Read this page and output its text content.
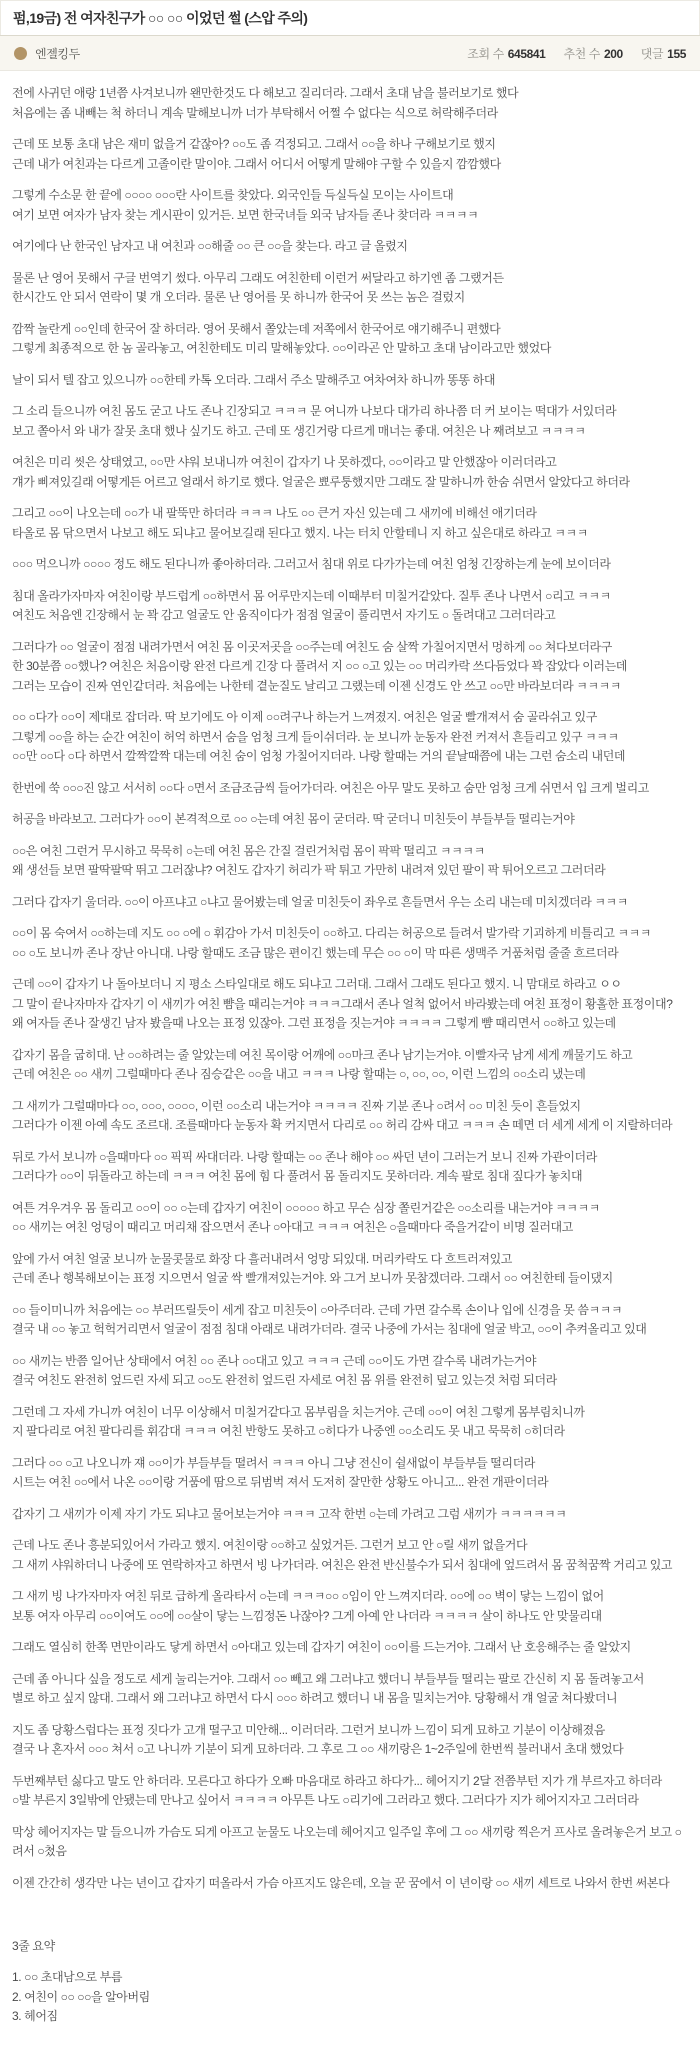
펌,19금) 전 여자친구가 ○○ ○○ 이었던 썰 (스압 주의)
엔젤킹두	조회 수 645841 추천 수 200 댓글 155
전에 사귀던 애랑 1년쯤 사겨보니까 왠만한것도 다 해보고 질리더라. 그래서 초대 남을 불러보기로 했다
처음에는 좀 내빼는 척 하더니 계속 말해보니까 너가 부탁해서 어쩔 수 없다는 식으로 허락해주더라
근데 또 보통 초대 남은 재미 없을거 같잖아? ○○도 좀 걱정되고. 그래서 ○○을 하나 구해보기로 했지
근데 내가 여친과는 다르게 고졸이란 말이야. 그래서 어디서 어떻게 말해야 구할 수 있을지 깜깜했다
그렇게 수소문 한 끝에 ○○○○ ○○○란 사이트를 찾았다. 외국인들 득실득실 모이는 사이트대
여기 보면 여자가 남자 찾는 게시판이 있거든. 보면 한국녀들 외국 남자들 존나 찾더라 ㅋㅋㅋㅋ
여기에다 난 한국인 남자고 내 여친과 ○○해줄 ○○ 큰 ○○을 찾는다. 라고 글 올렸지
물론 난 영어 못해서 구글 번역기 썼다. 아무리 그래도 여친한테 이런거 써달라고 하기엔 좀 그랬거든
한시간도 안 되서 연락이 몇 개 오더라. 물론 난 영어를 못 하니까 한국어 못 쓰는 놈은 걸렀지
깜짝 놀란게 ○○인데 한국어 잘 하더라. 영어 못해서 쫄았는데 저쪽에서 한국어로 얘기해주니 편했다
그렇게 최종적으로 한 놈 골라놓고, 여친한테도 미리 말해놓았다. ○○이라곤 안 말하고 초대 남이라고만 했었다
날이 되서 텔 잡고 있으니까 ○○한테 카톡 오더라. 그래서 주소 말해주고 여차여차 하니까 똥똥 하대
그 소리 들으니까 여친 몸도 굳고 나도 존나 긴장되고 ㅋㅋㅋ 문 여니까 나보다 대가리 하나쯤 더 커 보이는 떡대가 서있더라
보고 쫄아서 와 내가 잘못 초대 했나 싶기도 하고. 근데 또 생긴거랑 다르게 매너는 좋대. 여친은 나 째려보고 ㅋㅋㅋㅋ
여친은 미리 씻은 상태였고, ○○만 샤워 보내니까 여친이 갑자기 나 못하겠다, ○○이라고 말 안했잖아 이러더라고
걔가 삐져있길래 어떻게든 어르고 얼래서 하기로 했다. 얼굴은 뾰루퉁했지만 그래도 잘 말하니까 한숨 쉬면서 알았다고 하더라
그리고 ○○이 나오는데 ○○가 내 팔뚝만 하더라 ㅋㅋㅋ 나도 ○○ 큰거 자신 있는데 그 새끼에 비해선 애기더라
타올로 몸 닦으면서 나보고 해도 되냐고 물어보길래 된다고 했지. 나는 터치 안할테니 지 하고 싶은대로 하라고 ㅋㅋㅋ
○○○ 먹으니까 ○○○○ 정도 해도 된다니까 좋아하더라. 그러고서 침대 위로 다가가는데 여친 엄청 긴장하는게 눈에 보이더라
침대 올라가자마자 여친이랑 부드럽게 ○○하면서 몸 어루만지는데 이때부터 미칠거같았다. 질투 존나 나면서 ○리고 ㅋㅋㅋ
여친도 처음엔 긴장해서 눈 꽉 감고 얼굴도 안 움직이다가 점점 얼굴이 풀리면서 자기도 ○ 돌려대고 그러더라고
그러다가 ○○ 얼굴이 점점 내려가면서 여친 몸 이곳저곳을 ○○주는데 여친도 숨 살짝 가칠어지면서 멍하게 ○○ 쳐다보더라구
한 30분쯤 ○○했나? 여친은 처음이랑 완전 다르게 긴장 다 풀려서 지 ○○ ○고 있는 ○○ 머리카락 쓰다듬었다 꽉 잡았다 이러는데
그러는 모습이 진짜 연인같더라. 처음에는 나한테 곁눈질도 날리고 그랬는데 이젠 신경도 안 쓰고 ○○만 바라보더라 ㅋㅋㅋㅋ
○○ ○다가 ○○이 제대로 잡더라. 딱 보기에도 아 이제 ○○려구나 하는거 느껴졌지. 여친은 얼굴 빨개져서 숨 골라쉬고 있구
그렇게 ○○을 하는 순간 여친이 허억 하면서 숨을 엄청 크게 들이쉬더라. 눈 보니까 눈동자 완전 커져서 흔들리고 있구 ㅋㅋㅋ
○○만 ○○다 ○다 하면서 깔짝깔짝 대는데 여친 숨이 엄청 가칠어지더라. 나랑 할때는 거의 끝날때쯤에 내는 그런 숨소리 내던데
한번에 쑥 ○○○진 않고 서서히 ○○다 ○면서 조금조금씩 들어가더라. 여친은 아무 말도 못하고 숨만 엄청 크게 쉬면서 입 크게 벌리고
허공을 바라보고. 그러다가 ○○이 본격적으로 ○○ ○는데 여친 몸이 굳더라. 딱 굳더니 미친듯이 부들부들 떨리는거야
○○은 여친 그런거 무시하고 묵묵히 ○는데 여친 몸은 간질 걸린거처럼 몸이 팍팍 떨리고 ㅋㅋㅋㅋ
왜 생선들 보면 팔딱팔딱 뛰고 그러잖냐? 여친도 갑자기 허리가 팍 튀고 가만히 내려져 있던 팔이 팍 튀어오르고 그러더라
그러다 갑자기 울더라. ○○이 아프냐고 ○냐고 물어봤는데 얼굴 미친듯이 좌우로 흔들면서 우는 소리 내는데 미치겠더라 ㅋㅋㅋ
○○이 몸 숙여서 ○○하는데 지도 ○○ ○에 ○ 휘감아 가서 미친듯이 ○○하고. 다리는 허공으로 들려서 발가락 기괴하게 비틀리고 ㅋㅋㅋ
○○ ○도 보니까 존나 장난 아니대. 나랑 할때도 조금 많은 편이긴 했는데 무슨 ○○ ○이 막 따른 생맥주 거품처럼 줄줄 흐르더라
근데 ○○이 갑자기 나 돌아보더니 지 평소 스타일대로 해도 되냐고 그러대. 그래서 그래도 된다고 했지. 니 맘대로 하라고 ㅇㅇ
그 말이 끝나자마자 갑자기 이 새끼가 여친 뺨을 때리는거야 ㅋㅋㅋ그래서 존나 얼척 없어서 바라봤는데 여친 표정이 황홀한 표정이대?
왜 여자들 존나 잘생긴 남자 봤을때 나오는 표정 있잖아. 그런 표정을 짓는거야 ㅋㅋㅋㅋ 그렇게 뺨 때리면서 ○○하고 있는데
갑자기 몸을 굽히대. 난 ○○하려는 줄 알았는데 여친 목이랑 어깨에 ○○마크 존나 남기는거야. 이빨자국 남게 세게 깨물기도 하고
근데 여친은 ○○ 새끼 그럴때마다 존나 짐승같은 ○○을 내고 ㅋㅋㅋ 나랑 할때는 ○, ○○, ○○, 이런 느낌의 ○○소리 냈는데
그 새끼가 그럴때마다 ○○, ○○○, ○○○○, 이런 ○○소리 내는거야 ㅋㅋㅋㅋ 진짜 기분 존나 ○려서 ○○ 미친 듯이 흔들었지
그러다가 이젠 아예 속도 조르대. 조를때마다 눈동자 확 커지면서 다리로 ○○ 허리 감싸 대고 ㅋㅋㅋ 손 떼면 더 세게 세게 이 지랄하더라
뒤로 가서 보니까 ○을때마다 ○○ 픽픽 싸대더라. 나랑 할때는 ○○ 존나 해야 ○○ 싸던 년이 그러는거 보니 진짜 가관이더라
그러다가 ○○이 뒤돌라고 하는데 ㅋㅋㅋ 여친 몸에 힘 다 풀려서 몸 돌리지도 못하더라. 계속 팔로 침대 짚다가 놓치대
여튼 겨우겨우 몸 돌리고 ○○이 ○○ ○는데 갑자기 여친이 ○○○○○ 하고 무슨 심장 쫄린거같은 ○○소리를 내는거야 ㅋㅋㅋㅋ
○○ 새끼는 여친 엉덩이 때리고 머리채 잡으면서 존나 ○아대고 ㅋㅋㅋ 여친은 ○을때마다 죽을거같이 비명 질러대고
앞에 가서 여친 얼굴 보니까 눈물콧물로 화장 다 흘러내려서 엉망 되있대. 머리카락도 다 흐트러져있고
근데 존나 행복해보이는 표정 지으면서 얼굴 싹 빨개져있는거야. 와 그거 보니까 못참겠더라. 그래서 ○○ 여친한테 들이댔지
○○ 들이미니까 처음에는 ○○ 부러뜨릴듯이 세게 잡고 미친듯이 ○아주더라. 근데 가면 갈수록 손이나 입에 신경을 못 씀ㅋㅋㅋ
결국 내 ○○ 놓고 헉헉거리면서 얼굴이 점점 침대 아래로 내려가더라. 결국 나중에 가서는 침대에 얼굴 박고, ○○이 추켜올리고 있대
○○ 새끼는 반쯤 일어난 상태에서 여친 ○○ 존나 ○○대고 있고 ㅋㅋㅋ 근데 ○○이도 가면 갈수록 내려가는거야
결국 여친도 완전히 엎드린 자세 되고 ○○도 완전히 엎드린 자세로 여친 몸 위를 완전히 덮고 있는것 처럼 되더라
그런데 그 자세 가니까 여친이 너무 이상해서 미칠거같다고 몸부림을 치는거야. 근데 ○○이 여친 그렇게 몸부림치니까
지 팔다리로 여친 팔다리를 휘감대 ㅋㅋㅋ 여친 반항도 못하고 ○히다가 나중엔 ○○소리도 못 내고 묵묵히 ○히더라
그러다 ○○ ○고 나오니까 쟤 ○○이가 부들부들 떨려서 ㅋㅋㅋ 아니 그냥 전신이 쉴새없이 부들부들 떨리더라
시트는 여친 ○○에서 나온 ○○이랑 거품에 땀으로 뒤범벅 져서 도저히 잘만한 상황도 아니고... 완전 개판이더라
갑자기 그 새끼가 이제 자기 가도 되냐고 물어보는거야 ㅋㅋㅋ 고작 한번 ○는데 가려고 그럼 새끼가 ㅋㅋㅋㅋㅋㅋ
근데 나도 존나 흥분되있어서 가라고 했지. 여친이랑 ○○하고 싶었거든. 그런거 보고 안 ○릴 새끼 없을거다
그 새끼 샤워하더니 나중에 또 연락하자고 하면서 빙 나가더라. 여친은 완전 반신불수가 되서 침대에 엎드려서 몸 꿈척꿈짝 거리고 있고
그 새끼 빙 나가자마자 여친 뒤로 급하게 올라타서 ○는데 ㅋㅋㅋ○○ ○임이 안 느껴지더라. ○○에 ○○ 벽이 닿는 느낌이 없어
보통 여자 아무리 ○○이여도 ○○에 ○○살이 닿는 느낌정돈 나잖아? 그게 아예 안 나더라 ㅋㅋㅋㅋ 살이 하나도 안 맞물리대
그래도 열심히 한쪽 면만이라도 닿게 하면서 ○아대고 있는데 갑자기 여친이 ○○이를 드는거야. 그래서 난 호응해주는 줄 알았지
근데 좀 아니다 싶을 정도로 세게 눌리는거야. 그래서 ○○ 빼고 왜 그러냐고 했더니 부들부들 떨리는 팔로 간신히 지 몸 돌려놓고서
별로 하고 싶지 않대. 그래서 왜 그러냐고 하면서 다시 ○○○ 하려고 했더니 내 몸을 밀치는거야. 당황해서 걔 얼굴 쳐다봤더니
지도 좀 당황스럽다는 표정 짓다가 고개 떨구고 미안해... 이러더라. 그런거 보니까 느낌이 되게 묘하고 기분이 이상해졌음
결국 나 혼자서 ○○○ 쳐서 ○고 나니까 기분이 되게 묘하더라. 그 후로 그 ○○ 새끼랑은 1~2주일에 한번씩 불러내서 초대 했었다
두번째부턴 싫다고 말도 안 하더라. 모른다고 하다가 오빠 마음대로 하라고 하다가... 헤어지기 2달 전쯤부턴 지가 개 부르자고 하더라
○발 부른지 3일밖에 안됐는데 만나고 싶어서 ㅋㅋㅋㅋ 아무튼 나도 ○리기에 그러라고 했다. 그러다가 지가 헤어지자고 그러더라
막상 헤어지자는 말 들으니까 가슴도 되게 아프고 눈물도 나오는데 헤어지고 일주일 후에 그 ○○ 새끼랑 찍은거 프사로 올려놓은거 보고 ○
려서 ○쳤음
이젠 간간히 생각만 나는 년이고 갑자기 떠올라서 가슴 아프지도 않은데, 오늘 꾼 꿈에서 이 년이랑 ○○ 새끼 세트로 나와서 한번 써본다
3줄 요약
1. ○○ 초대남으로 부름
2. 여친이 ○○ ○○을 알아버림
3. 헤어짐
